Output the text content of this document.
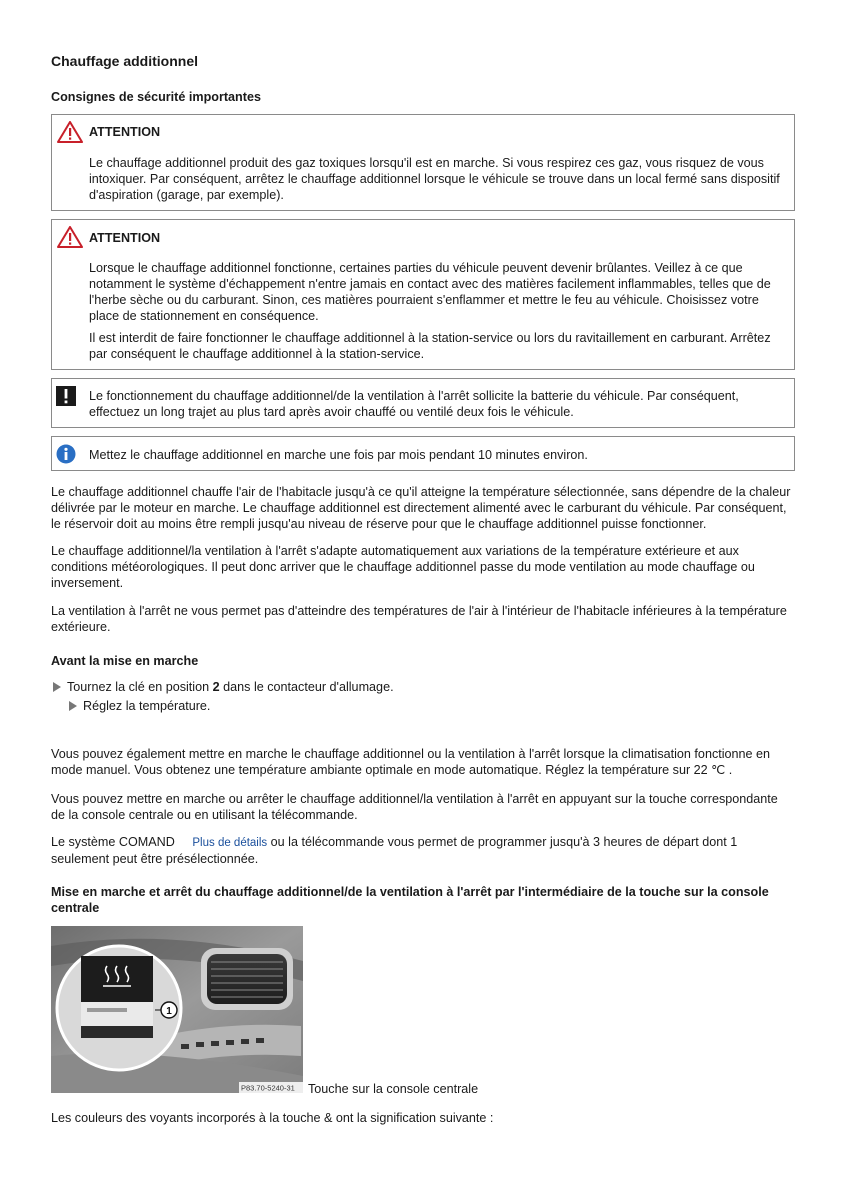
Chauffage additionnel

Consignes de sécurité importantes

ATTENTION

Le chauffage additionnel produit des gaz toxiques lorsqu'il est en marche. Si vous respirez ces gaz, vous risquez de vous intoxiquer. Par conséquent, arrêtez le chauffage additionnel lorsque le véhicule se trouve dans un local fermé sans dispositif d'aspiration (garage, par exemple).

ATTENTION

Lorsque le chauffage additionnel fonctionne, certaines parties du véhicule peuvent devenir brûlantes. Veillez à ce que notamment le système d'échappement n'entre jamais en contact avec des matières facilement inflammables, telles que de l'herbe sèche ou du carburant. Sinon, ces matières pourraient s'enflammer et mettre le feu au véhicule. Choisissez votre place de stationnement en conséquence.

Il est interdit de faire fonctionner le chauffage additionnel à la station-service ou lors du ravitaillement en carburant. Arrêtez par conséquent le chauffage additionnel à la station-service.

Le fonctionnement du chauffage additionnel/de la ventilation à l'arrêt sollicite la batterie du véhicule. Par conséquent, effectuez un long trajet au plus tard après avoir chauffé ou ventilé deux fois le véhicule.

Mettez le chauffage additionnel en marche une fois par mois pendant 10 minutes environ.

Le chauffage additionnel chauffe l'air de l'habitacle jusqu'à ce qu'il atteigne la température sélectionnée, sans dépendre de la chaleur délivrée par le moteur en marche. Le chauffage additionnel est directement alimenté avec le carburant du véhicule. Par conséquent, le réservoir doit au moins être rempli jusqu'au niveau de réserve pour que le chauffage additionnel puisse fonctionner.

Le chauffage additionnel/la ventilation à l'arrêt s'adapte automatiquement aux variations de la température extérieure et aux conditions météorologiques. Il peut donc arriver que le chauffage additionnel passe du mode ventilation au mode chauffage ou inversement.

La ventilation à l'arrêt ne vous permet pas d'atteindre des températures de l'air à l'intérieur de l'habitacle inférieures à la température extérieure.

Avant la mise en marche

Tournez la clé en position 2 dans le contacteur d'allumage.

Réglez la température.

Vous pouvez également mettre en marche le chauffage additionnel ou la ventilation à l'arrêt lorsque la climatisation fonctionne en mode manuel. Vous obtenez une température ambiante optimale en mode automatique. Réglez la température sur 22 ℃ .

Vous pouvez mettre en marche ou arrêter le chauffage additionnel/la ventilation à l'arrêt en appuyant sur la touche correspondante de la console centrale ou en utilisant la télécommande.

Le système COMAND     Plus de détails ou la télécommande vous permet de programmer jusqu'à 3 heures de départ dont 1 seulement peut être présélectionnée.

Mise en marche et arrêt du chauffage additionnel/de la ventilation à l'arrêt par l'intermédiaire de la touche sur la console centrale

1
P83.70-5240-31 Touche sur la console centrale

Les couleurs des voyants incorporés à la touche & ont la signification suivante :
